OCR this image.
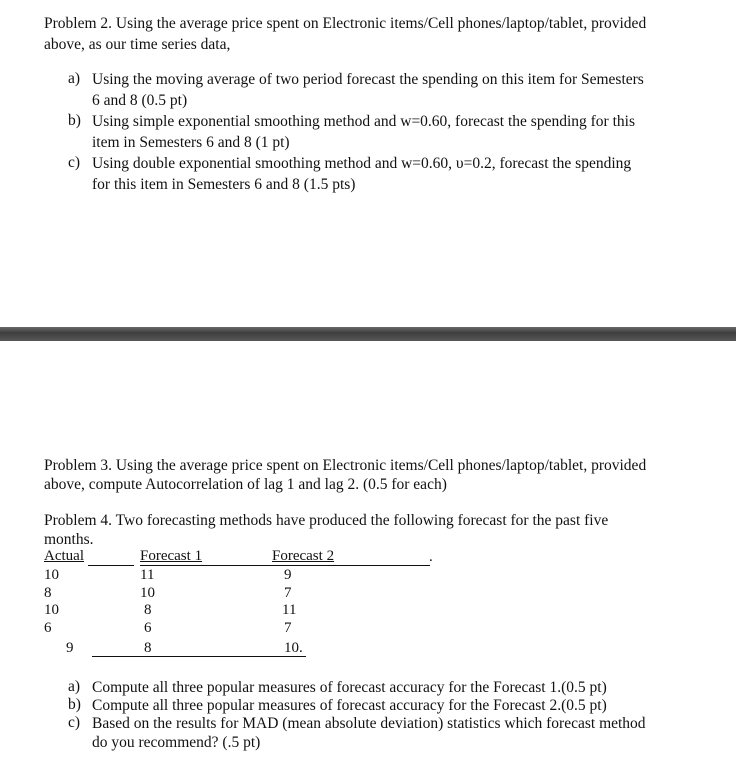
Problem 2. Using the average price spent on Electronic items/Cell phones/laptop/tablet, provided
above, as our time series data,
a) Using the moving average of two period forecast the spending on this item for Semesters
6 and 8 (0.5 pt)
b) Using simple exponential smoothing method and w=0.60, forecast the spending for this
item in Semesters 6 and 8 (1 pt)
c) Using double exponential smoothing method and w=0.60, υ=0.2, forecast the spending
for this item in Semesters 6 and 8 (1.5 pts)
Problem 3. Using the average price spent on Electronic items/Cell phones/laptop/tablet, provided
above, compute Autocorrelation of lag 1 and lag 2. (0.5 for each)
Problem 4. Two forecasting methods have produced the following forecast for the past five
months.
Actual	Forecast 1	Forecast 2	.
10	11	9
8	10	7
10	8	11
6	6	7
9	8	10.
a) Compute all three popular measures of forecast accuracy for the Forecast 1.(0.5 pt)
b) Compute all three popular measures of forecast accuracy for the Forecast 2.(0.5 pt)
c) Based on the results for MAD (mean absolute deviation) statistics which forecast method
do you recommend? (.5 pt)
